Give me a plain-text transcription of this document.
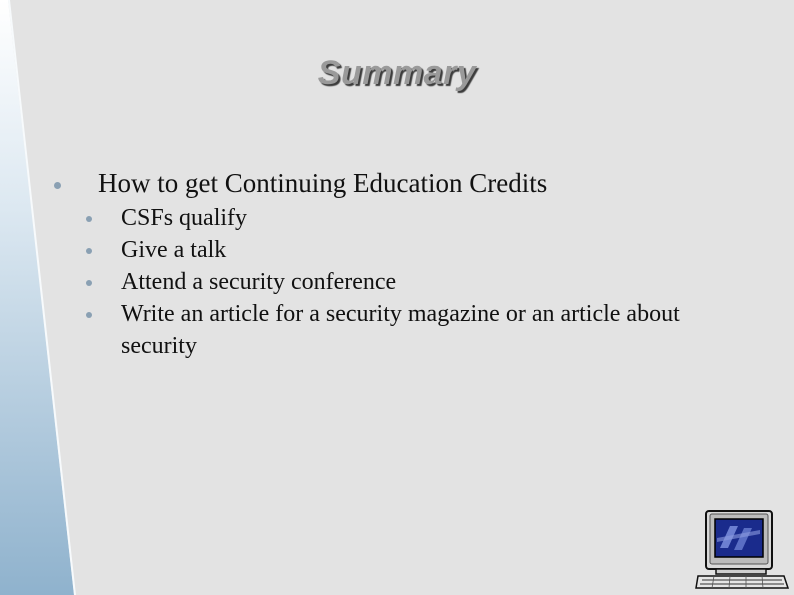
Summary
How to get Continuing Education Credits
CSFs qualify
Give a talk
Attend a security conference
Write an article for a security magazine or an article about security
